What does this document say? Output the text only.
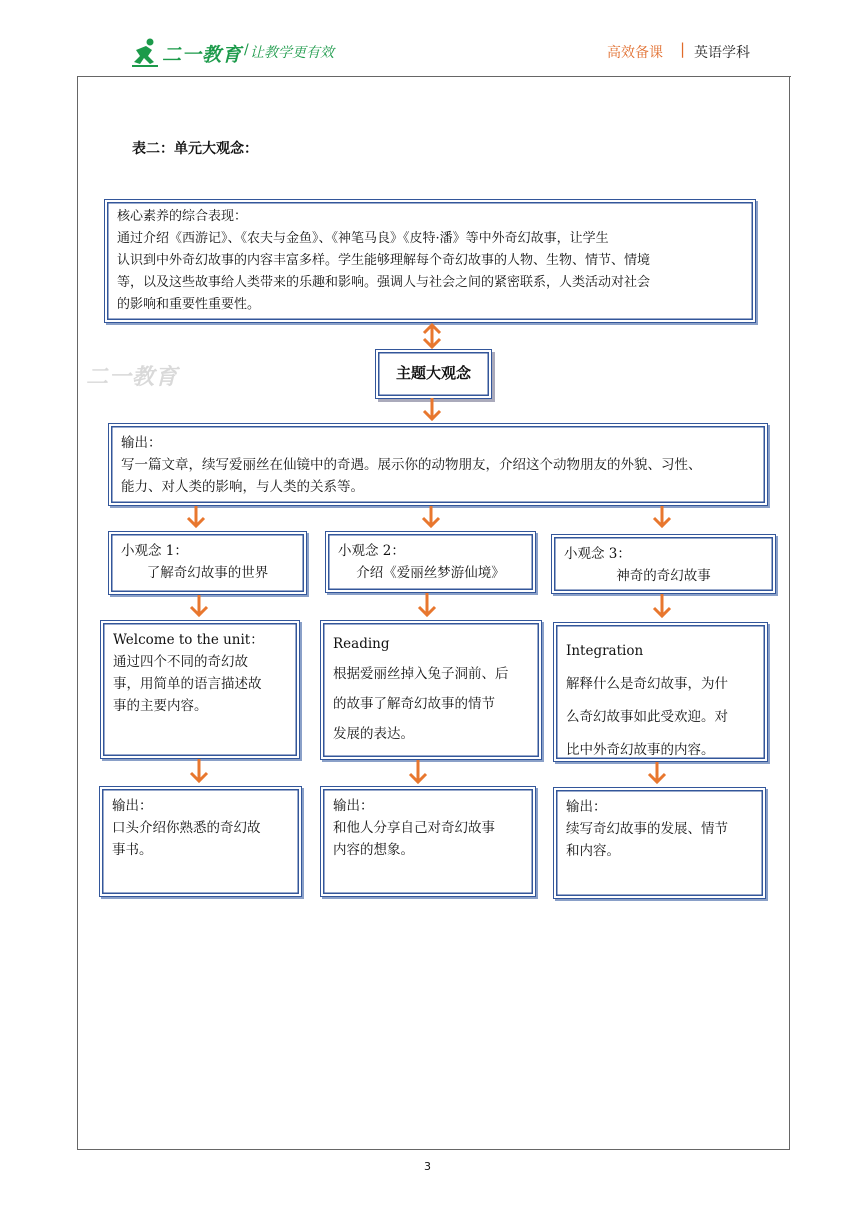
二一教育 / 让教学更有效	高效备课 | 英语学科
表二：单元大观念：
二一教育
核心素养的综合表现：
通过介绍《西游记》、《农夫与金鱼》、《神笔马良》《皮特·潘》等中外奇幻故事，让学生
认识到中外奇幻故事的内容丰富多样。学生能够理解每个奇幻故事的人物、生物、情节、情境
等，以及这些故事给人类带来的乐趣和影响。强调人与社会之间的紧密联系，人类活动对社会
的影响和重要性重要性。
主题大观念
输出：
写一篇文章，续写爱丽丝在仙镜中的奇遇。展示你的动物朋友，介绍这个动物朋友的外貌、习性、
能力、对人类的影响，与人类的关系等。
小观念 1：
了解奇幻故事的世界
小观念 2：
介绍《爱丽丝梦游仙境》
小观念 3：
神奇的奇幻故事
Welcome to the unit：
通过四个不同的奇幻故
事，用简单的语言描述故
事的主要内容。
Reading
根据爱丽丝掉入兔子洞前、后
的故事了解奇幻故事的情节
发展的表达。
Integration
解释什么是奇幻故事，为什
么奇幻故事如此受欢迎。对
比中外奇幻故事的内容。
输出：
口头介绍你熟悉的奇幻故
事书。
输出：
和他人分享自己对奇幻故事
内容的想象。
输出：
续写奇幻故事的发展、情节
和内容。
3
